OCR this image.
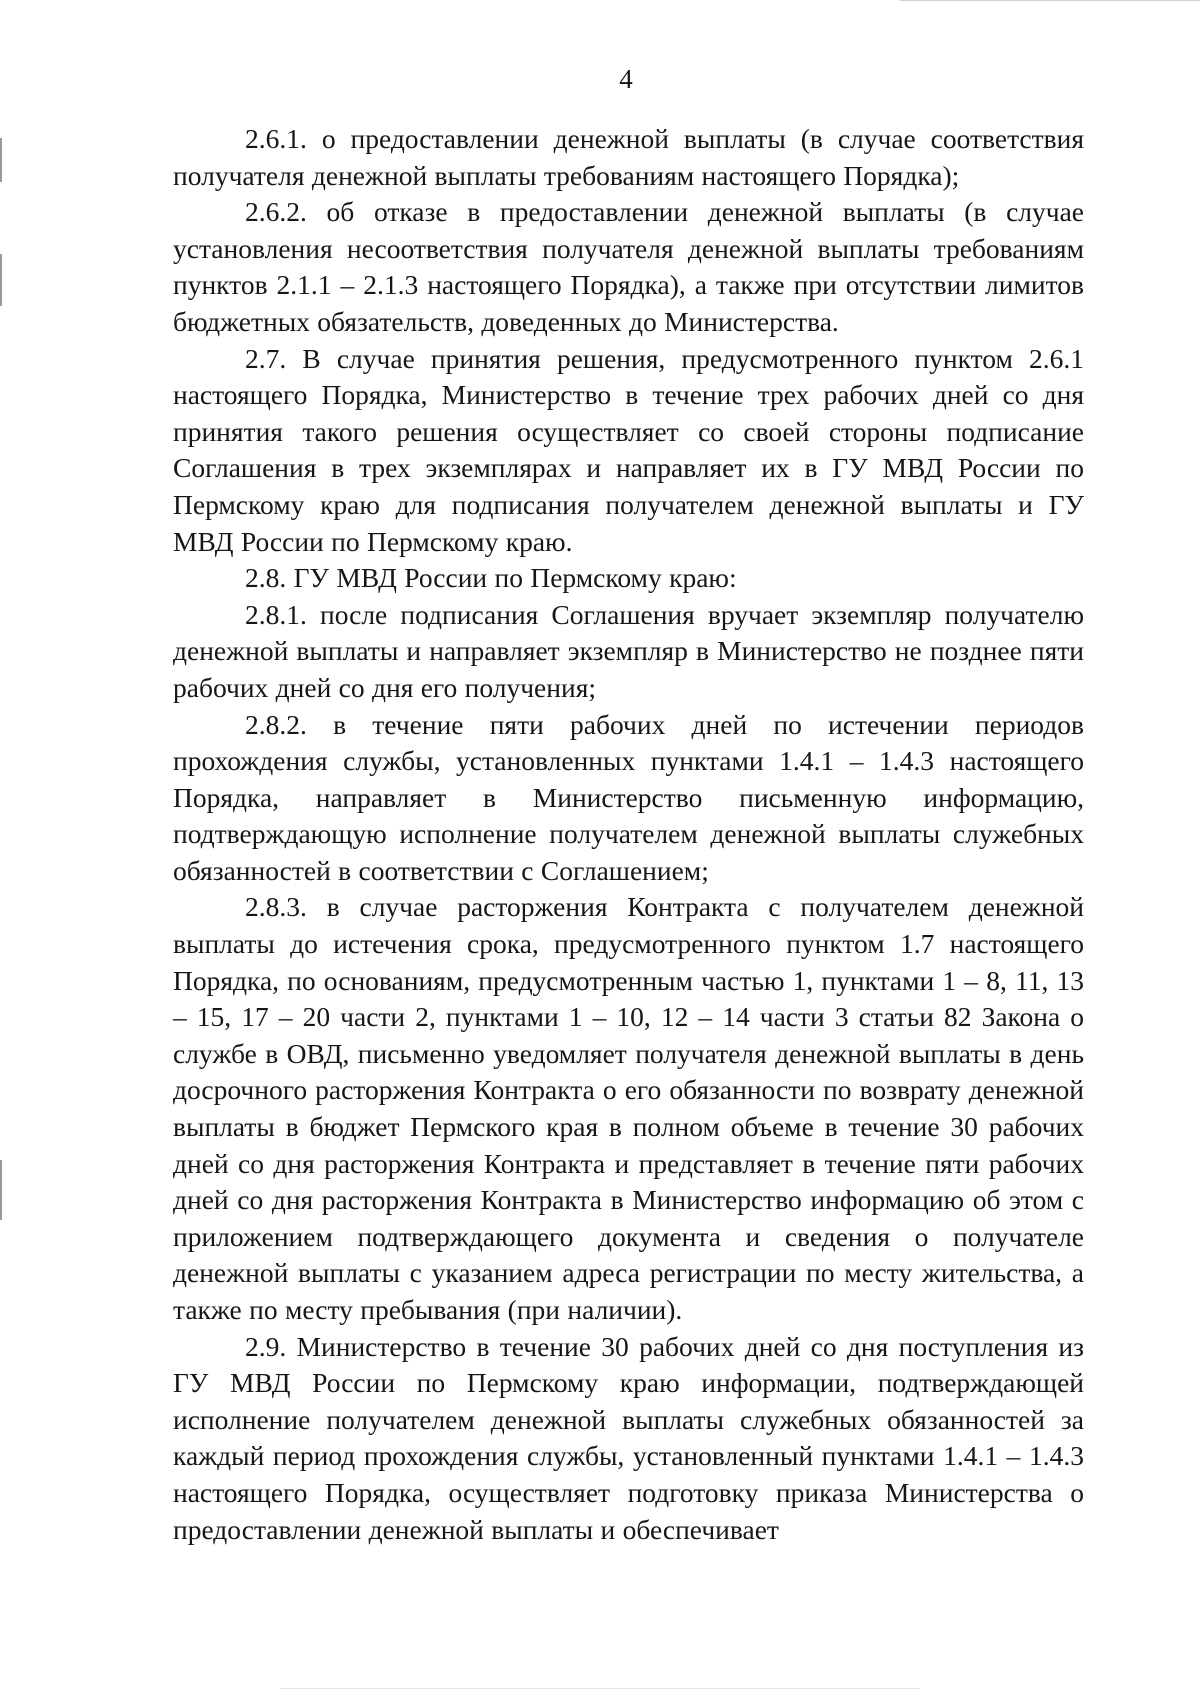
4

2.6.1. о предоставлении денежной выплаты (в случае соответствия получателя денежной выплаты требованиям настоящего Порядка);

2.6.2. об отказе в предоставлении денежной выплаты (в случае установления несоответствия получателя денежной выплаты требованиям пунктов 2.1.1 – 2.1.3 настоящего Порядка), а также при отсутствии лимитов бюджетных обязательств, доведенных до Министерства.

2.7. В случае принятия решения, предусмотренного пунктом 2.6.1 настоящего Порядка, Министерство в течение трех рабочих дней со дня принятия такого решения осуществляет со своей стороны подписание Соглашения в трех экземплярах и направляет их в ГУ МВД России по Пермскому краю для подписания получателем денежной выплаты и ГУ МВД России по Пермскому краю.

2.8. ГУ МВД России по Пермскому краю:

2.8.1. после подписания Соглашения вручает экземпляр получателю денежной выплаты и направляет экземпляр в Министерство не позднее пяти рабочих дней со дня его получения;

2.8.2. в течение пяти рабочих дней по истечении периодов прохождения службы, установленных пунктами 1.4.1 – 1.4.3 настоящего Порядка, направляет в Министерство письменную информацию, подтверждающую исполнение получателем денежной выплаты служебных обязанностей в соответствии с Соглашением;

2.8.3. в случае расторжения Контракта с получателем денежной выплаты до истечения срока, предусмотренного пунктом 1.7 настоящего Порядка, по основаниям, предусмотренным частью 1, пунктами 1 – 8, 11, 13 – 15, 17 – 20 части 2, пунктами 1 – 10, 12 – 14 части 3 статьи 82 Закона о службе в ОВД, письменно уведомляет получателя денежной выплаты в день досрочного расторжения Контракта о его обязанности по возврату денежной выплаты в бюджет Пермского края в полном объеме в течение 30 рабочих дней со дня расторжения Контракта и представляет в течение пяти рабочих дней со дня расторжения Контракта в Министерство информацию об этом с приложением подтверждающего документа и сведения о получателе денежной выплаты с указанием адреса регистрации по месту жительства, а также по месту пребывания (при наличии).

2.9. Министерство в течение 30 рабочих дней со дня поступления из ГУ МВД России по Пермскому краю информации, подтверждающей исполнение получателем денежной выплаты служебных обязанностей за каждый период прохождения службы, установленный пунктами 1.4.1 – 1.4.3 настоящего Порядка, осуществляет подготовку приказа Министерства о предоставлении денежной выплаты и обеспечивает
